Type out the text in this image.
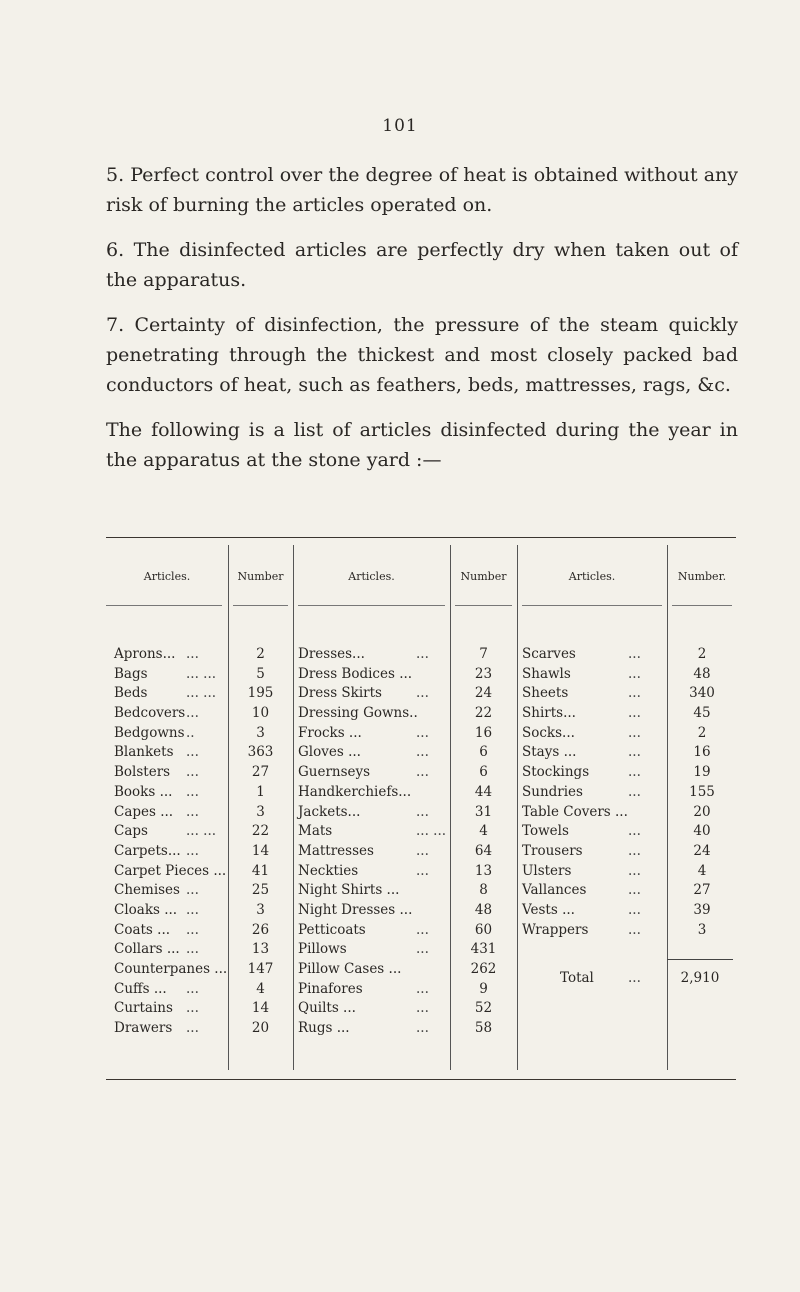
101

5. Perfect control over the degree of heat is obtained without any risk of burning the articles operated on.

6. The disinfected articles are perfectly dry when taken out of the apparatus.

7. Certainty of disinfection, the pressure of the steam quickly penetrating through the thickest and most closely packed bad conductors of heat, such as feathers, beds, mattresses, rags, &c.

The following is a list of articles disinfected during the year in the apparatus at the stone yard :—

Articles.	Number	Articles.	Number	Articles.	Number.
Aprons... ...	2
Bags	... ...	5
Beds	... ...	195
Bedcovers ...	10
Bedgowns ..	3
Blankets ...	363
Bolsters ...	27
Books ... ...	1
Capes ... ...	3
Caps	... ...	22
Carpets... ...	14
Carpet Pieces ...	41
Chemises ...	25
Cloaks ... ...	3
Coats ... ...	26
Collars ... ...	13
Counterpanes ...	147
Cuffs ... ...	4
Curtains ...	14
Drawers ...	20
Dresses...	...	7
Dress Bodices ...	23
Dress Skirts	...	24
Dressing Gowns..	22
Frocks ...	...	16
Gloves ...	...	6
Guernseys	...	6
Handkerchiefs...	44
Jackets...	...	31
Mats	... ...	4
Mattresses	...	64
Neckties	...	13
Night Shirts ...	8
Night Dresses ...	48
Petticoats	...	60
Pillows	...	431
Pillow Cases ...	262
Pinafores	...	9
Quilts ...	...	52
Rugs ...	...	58
Scarves	...	2
Shawls	...	48
Sheets	...	340
Shirts...	...	45
Socks...	...	2
Stays ...	...	16
Stockings	...	19
Sundries	...	155
Table Covers ...	20
Towels	...	40
Trousers	...	24
Ulsters	...	4
Vallances	...	27
Vests ...	...	39
Wrappers	...	3
Total	...	2,910
